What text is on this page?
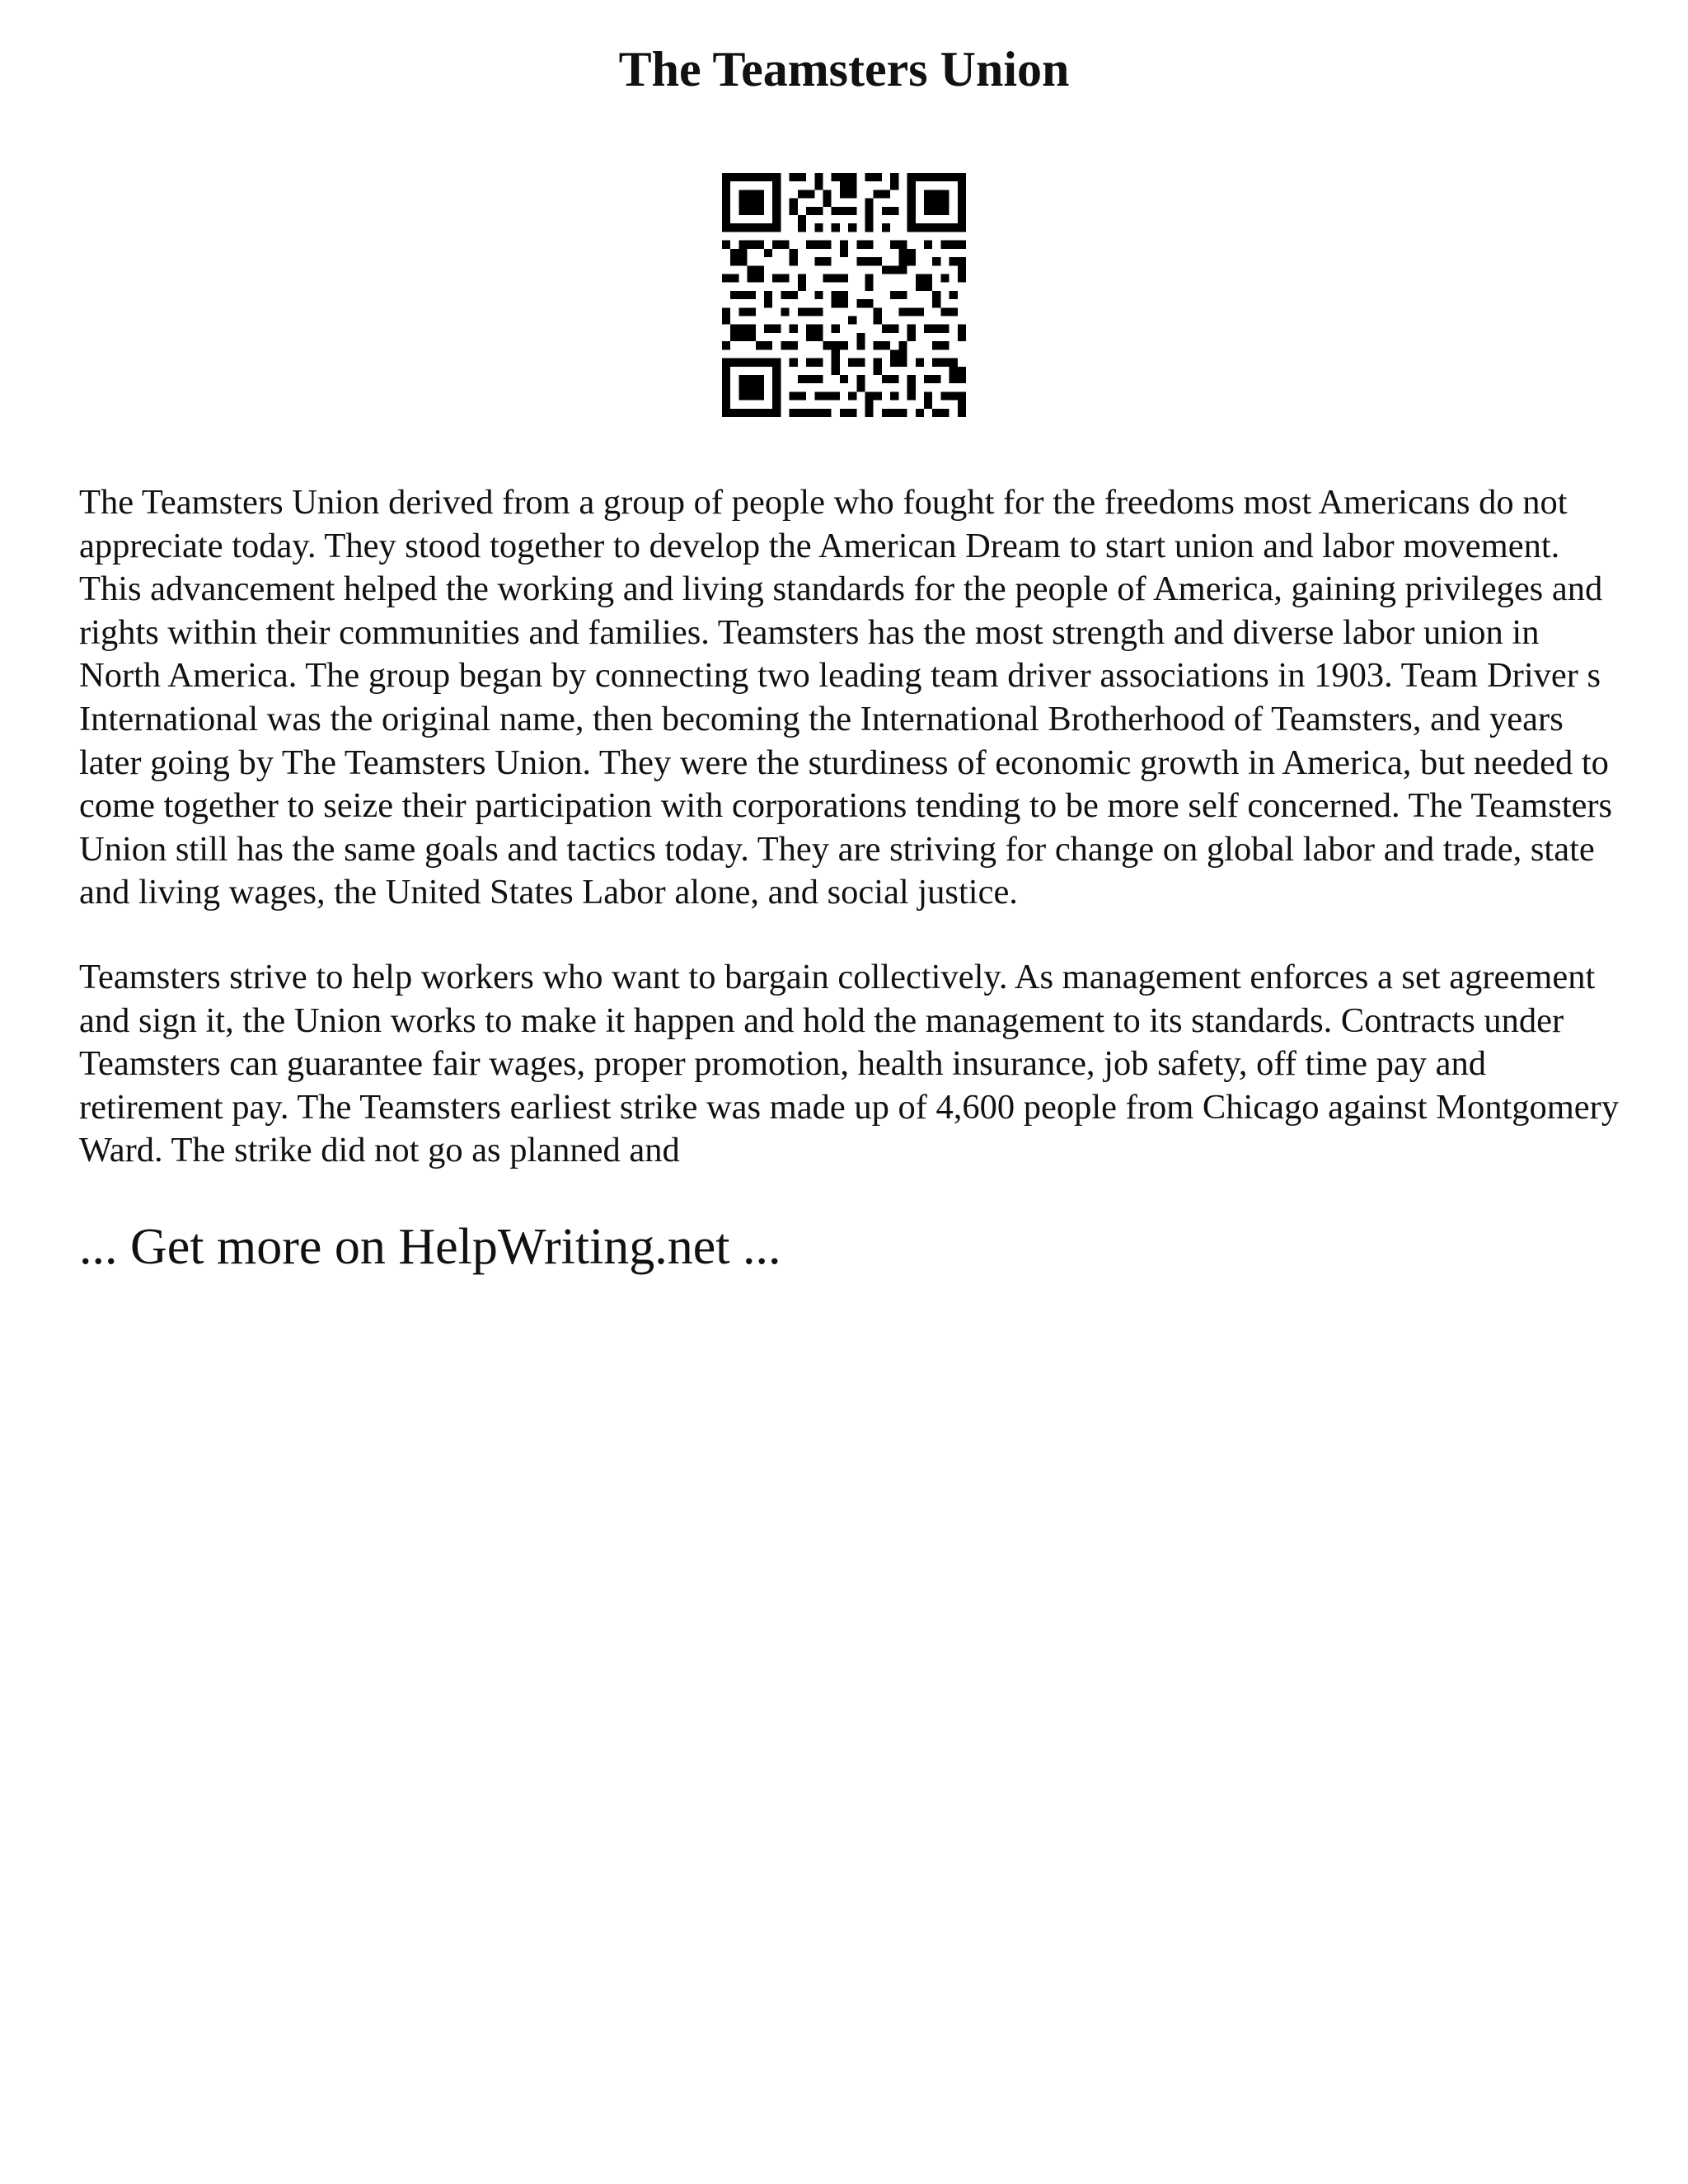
The Teamsters Union

The Teamsters Union derived from a group of people who fought for the freedoms most Americans do not appreciate today. They stood together to develop the American Dream to start union and labor movement. This advancement helped the working and living standards for the people of America, gaining privileges and rights within their communities and families. Teamsters has the most strength and diverse labor union in North America. The group began by connecting two leading team driver associations in 1903. Team Driver s International was the original name, then becoming the International Brotherhood of Teamsters, and years later going by The Teamsters Union. They were the sturdiness of economic growth in America, but needed to come together to seize their participation with corporations tending to be more self concerned. The Teamsters Union still has the same goals and tactics today. They are striving for change on global labor and trade, state and living wages, the United States Labor alone, and social justice.

Teamsters strive to help workers who want to bargain collectively. As management enforces a set agreement and sign it, the Union works to make it happen and hold the management to its standards. Contracts under Teamsters can guarantee fair wages, proper promotion, health insurance, job safety, off time pay and retirement pay. The Teamsters earliest strike was made up of 4,600 people from Chicago against Montgomery Ward. The strike did not go as planned and

... Get more on HelpWriting.net ...
